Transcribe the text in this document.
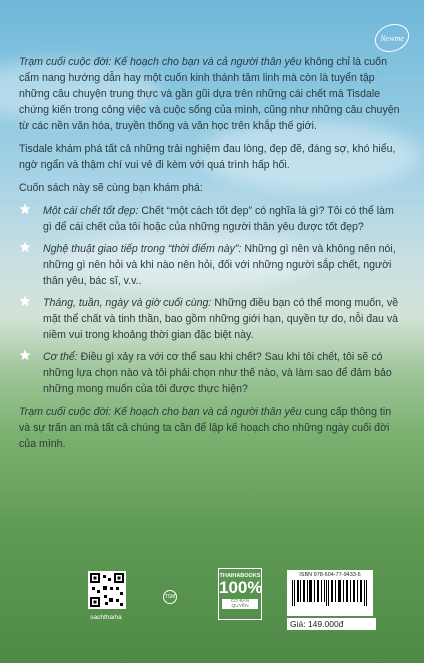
Newme

Trạm cuối cuộc đời: Kế hoạch cho bạn và cả người thân yêu không chỉ là cuốn cẩm nang hướng dẫn hay một cuốn kinh thánh tâm linh mà còn là tuyển tập những câu chuyện trung thực và gần gũi dựa trên những cái chết mà Tisdale chứng kiến trong công việc và cuộc sống của mình, cũng như những câu chuyện từ các nền văn hóa, truyền thống và văn học trên khắp thế giới.

Tisdale khám phá tất cả những trải nghiệm đau lòng, đẹp đẽ, đáng sợ, khó hiểu, ngờ ngẩn và thậm chí vui vẻ đi kèm với quá trình hấp hối.

Cuốn sách này sẽ cùng bạn khám phá:

Một cái chết tốt đẹp: Chết “một cách tốt đẹp” có nghĩa là gì? Tôi có thể làm gì để cái chết của tôi hoặc của những người thân yêu được tốt đẹp?
Nghệ thuật giao tiếp trong “thời điểm này”: Những gì nên và không nên nói, những gì nên hỏi và khi nào nên hỏi, đối với những người sắp chết, người thân yêu, bác sĩ, v.v..
Tháng, tuần, ngày và giờ cuối cùng: Những điều bạn có thể mong muốn, về mặt thể chất và tinh thần, bao gồm những giới hạn, quyền tự do, nỗi đau và niềm vui trong khoảng thời gian đặc biệt này.
Cơ thể: Điều gì xảy ra với cơ thể sau khi chết? Sau khi tôi chết, tôi sẽ có những lựa chọn nào và tôi phải chọn như thế nào, và làm sao để đảm bảo những mong muốn của tôi được thực hiện?

Trạm cuối cuộc đời: Kế hoạch cho bạn và cả người thân yêu cung cấp thông tin và sự trấn an mà tất cả chúng ta cần để lập kế hoạch cho những ngày cuối đời của mình.

sachthaiha
TSM
THAIHABOOKS
100%
CÓ BẢN QUYỀN
ISBN 978-604-77-9433-5
Giá: 149.000đ
